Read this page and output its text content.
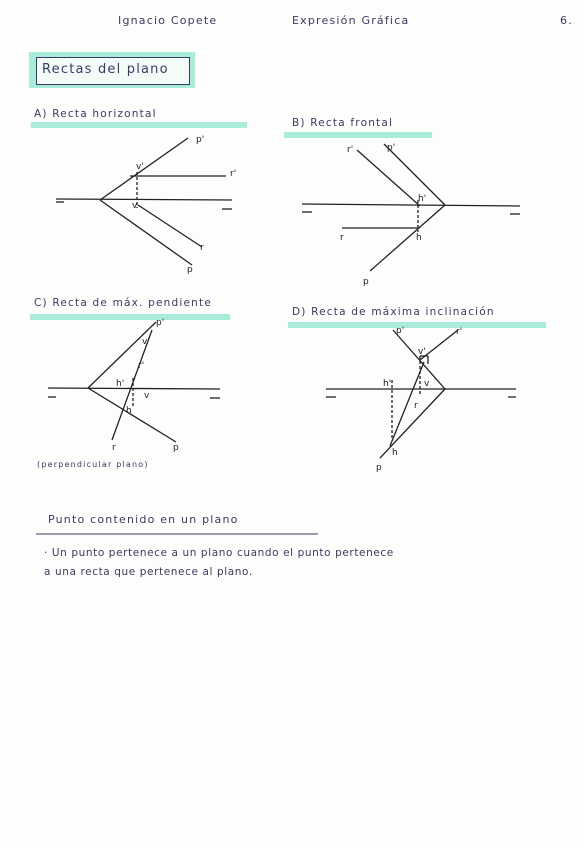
Ignacio Copete	Expresión Gráfica	6.
Rectas del plano
A) Recta horizontal
B) Recta frontal
C) Recta de máx. pendiente
D) Recta de máxima inclinación
(perpendicular plano)
p'
r'
v'
v
r
p
r'	p'
h'
r	h
p
p'
v'
r'
h'
v
h
r	p
p'	r'
v'
h'	v
r
h
p
Punto contenido en un plano
· Un punto pertenece a un plano cuando el punto pertenece
a una recta que pertenece al plano.
